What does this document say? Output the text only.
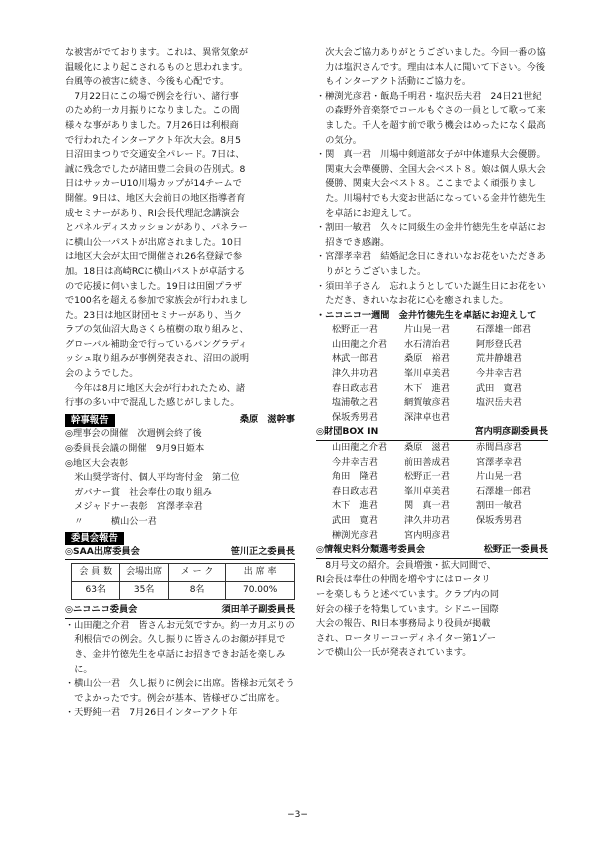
な被害がでております。これは、異常気象が

温暖化により起こされるものと思われます。

台風等の被害に続き、今後も心配です。

7月22日にこの場で例会を行い、諸行事

のため約一カ月振りになりました。この間

様々な事がありました。7月26日は利根商

で行われたインターアクト年次大会。8月5

日沼田まつりで交通安全パレード。7日は、

誠に残念でしたが諸田豊二会員の告別式。8

日はサッカーU10川場カップが14チームで

開催。9日は、地区大会前日の地区指導者育

成セミナーがあり、RI会長代理記念講演会

とパネルディスカッションがあり、パネラー

に横山公一パストが出席されました。10日

は地区大会が太田で開催され26名登録で参

加。18日は高崎RCに横山パストが卓話する

ので応援に伺いました。19日は田園プラザ

で100名を超える参加で家族会が行われまし

た。23日は地区財団セミナーがあり、当ク

ラブの気仙沼大島さくら植樹の取り組みと、

グローバル補助金で行っているバングラディ

ッシュ取り組みが事例発表され、沼田の説明

会のようでした。

今年は8月に地区大会が行われたため、諸

行事の多い中で混乱した感じがしました。

幹事報告	桑原　滋幹事

◎理事会の開催　次週例会終了後

◎委員長会議の開催　9月9日姫本

◎地区大会表彰

米山奨学寄付、個人平均寄付金　第二位

ガバナー賞　社会奉仕の取り組み

メジャドナー表彰　宮澤孝幸君

〃　　　横山公一君

委員会報告
◎SAA出席委員会	笹川正之委員長
会 員 数	会場出席	メ ー ク	出 席 率
63名	35名	8名	70.00%
◎ニコニコ委員会	須田羊子副委員長

・山田龍之介君　皆さんお元気ですか。約一カ月ぶりの利根信での例会。久し振りに皆さんのお顔が拝見でき、金井竹徳先生を卓話にお招きできお話を楽しみに。

・横山公一君　久し振りに例会に出席。皆様お元気そうでよかったです。例会が基本、皆様ぜひご出席を。

・天野純一君　7月26日インターアクト年

次大会ご協力ありがとうございました。今回一番の協力は塩沢さんです。理由は本人に聞いて下さい。今後もインターアクト活動にご協力を。

・榊渕光彦君・飯島千明君・塩沢岳夫君　24日21世紀の森野外音楽祭でコールもぐさの一員として歌って来ました。千人を超す前で歌う機会はめったになく最高の気分。

・関　真一君　川場中剣道部女子が中体連県大会優勝。関東大会準優勝、全国大会ベスト８。娘は個人県大会優勝、関東大会ベスト８。ここまでよく頑張りました。川場村でも大変お世話になっている金井竹徳先生を卓話にお迎えして。

・割田一敏君　久々に同級生の金井竹徳先生を卓話にお招きでき感謝。

・宮澤孝幸君　結婚記念日にきれいなお花をいただきありがとうございました。

・須田羊子さん　忘れようとしていた誕生日にお花をいただき、きれいなお花に心を癒されました。

・ニコニコ一週間　金井竹徳先生を卓話にお迎えして

松野正一君	片山晃一君	石澤雄一郎君
山田龍之介君	水石清治君	阿形登氏君
林武一郎君	桑原　裕君	荒井静雄君
津久井功君	峯川卓美君	今井幸吉君
春日政志君	木下　進君	武田　寛君
塩浦敬之君	網賀敏彦君	塩沢岳夫君
保坂秀男君	深津卓也君
◎財団BOX IN	宮内明彦副委員長
山田龍之介君	桑原　滋君	赤間昌彦君
今井幸吉君	前田善成君	宮澤孝幸君
角田　隆君	松野正一君	片山晃一君
春日政志君	峯川卓美君	石澤雄一郎君
木下　進君	関　真一君	割田一敏君
武田　寛君	津久井功君	保坂秀男君
榊渕光彦君	宮内明彦君
◎情報史料分類選考委員会	松野正一委員長

8月号文の紹介。会員増強・拡大同間で、

RI会長は奉仕の仲間を増やすにはロータリ

ーを楽しもうと述べています。クラブ内の同

好会の様子を特集しています。シドニー国際

大会の報告、RI日本事務局より役員が掲載

され、ロータリーコーディネイター第1ゾー

ンで横山公一氏が発表されています。

−3−
